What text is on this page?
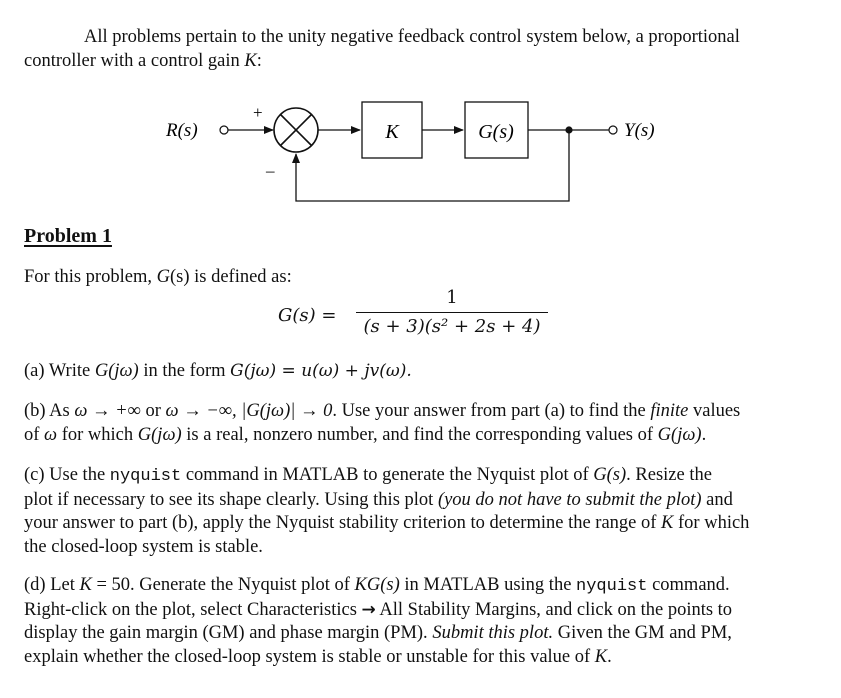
All problems pertain to the unity negative feedback control system below, a proportional
controller with a control gain K:
R(s)
+
–
K	G(s)	Y(s)
Problem 1
For this problem, G(s) is defined as:
G(s) =
1
(s + 3)(s² + 2s + 4)
(a) Write G(jω) in the form G(jω) = u(ω) + jv(ω).
(b) As ω → +∞ or ω → −∞, |G(jω)| → 0. Use your answer from part (a) to find the finite values
of ω for which G(jω) is a real, nonzero number, and find the corresponding values of G(jω).
(c) Use the nyquist command in MATLAB to generate the Nyquist plot of G(s). Resize the
plot if necessary to see its shape clearly. Using this plot (you do not have to submit the plot) and
your answer to part (b), apply the Nyquist stability criterion to determine the range of K for which
the closed-loop system is stable.
(d) Let K = 50. Generate the Nyquist plot of KG(s) in MATLAB using the nyquist command.
Right-click on the plot, select Characteristics → All Stability Margins, and click on the points to
display the gain margin (GM) and phase margin (PM). Submit this plot. Given the GM and PM,
explain whether the closed-loop system is stable or unstable for this value of K.
